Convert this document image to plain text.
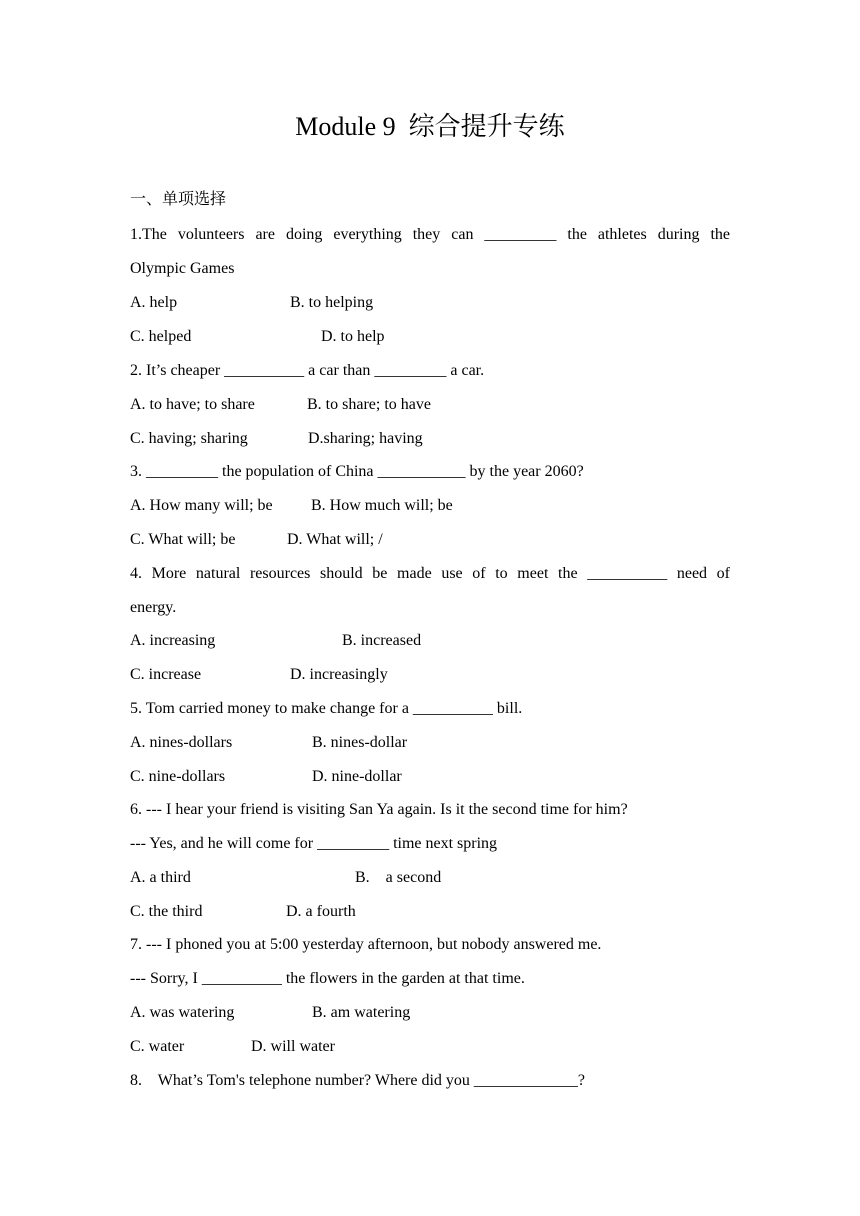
Module 9  综合提升专练
一、单项选择
1.The volunteers are doing everything they can _________ the athletes during the
Olympic Games
A. help	B. to helping
C. helped	D. to help
2. It’s cheaper __________ a car than _________ a car.
A. to have; to share	B. to share; to have
C. having; sharing	D.sharing; having
3. _________ the population of China ___________ by the year 2060?
A. How many will; be B. How much will; be
C. What will; be	D. What will; /
4. More natural resources should be made use of to meet the __________ need of
energy.
A. increasing	B. increased
C. increase	D. increasingly
5. Tom carried money to make change for a __________ bill.
A. nines-dollars	B. nines-dollar
C. nine-dollars	D. nine-dollar
6. --- I hear your friend is visiting San Ya again. Is it the second time for him?
--- Yes, and he will come for _________ time next spring
A. a third	B.    a second
C. the third	D. a fourth
7. --- I phoned you at 5:00 yesterday afternoon, but nobody answered me.
--- Sorry, I __________ the flowers in the garden at that time.
A. was watering	B. am watering
C. water	D. will water
8.    What’s Tom's telephone number? Where did you _____________?
